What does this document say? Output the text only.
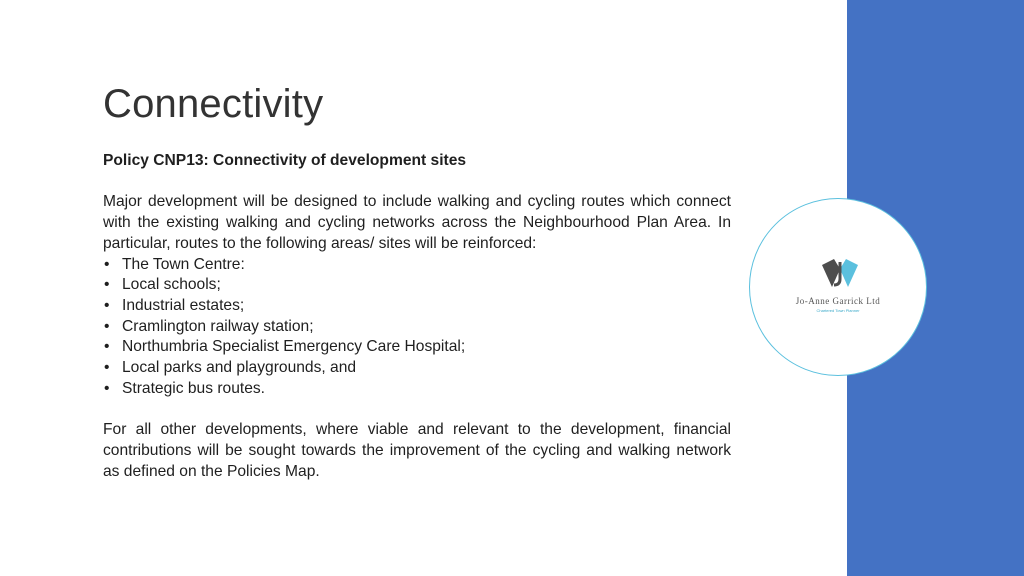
Jo-Anne Garrick Ltd
Chartered Town Planner
Connectivity

Policy CNP13: Connectivity of development sites

Major development will be designed to include walking and cycling routes which connect with the existing walking and cycling networks across the Neighbourhood Plan Area. In particular, routes to the following areas/ sites will be reinforced:

• The Town Centre:
• Local schools;
• Industrial estates;
• Cramlington railway station;
• Northumbria Specialist Emergency Care Hospital;
• Local parks and playgrounds, and
• Strategic bus routes.

For all other developments, where viable and relevant to the development, financial contributions will be sought towards the improvement of the cycling and walking network as defined on the Policies Map.
